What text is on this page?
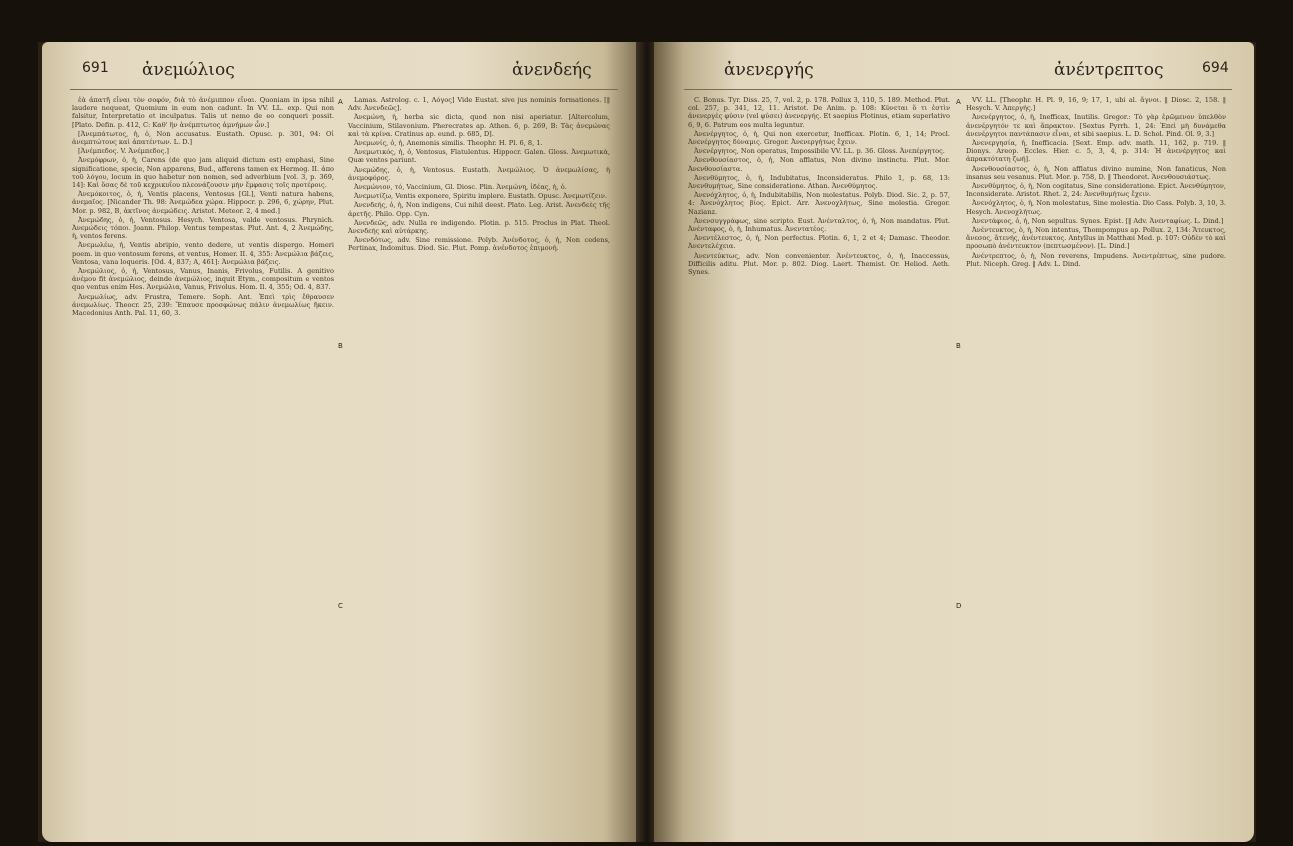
691 ἀνεμώλιος	ἀνενδεής

ἐὰ ἀπατῆ εἶναι τὸν σοφόν, διὰ τὸ ἀνέμιππον εἶναι. Quoniam in ipsa nihil laudere nequeat, Quomium in eum non cadunt. In VV. LL. exp. Qui non falsitur, Interpretatio et inculpatus. Talis ut nemo de eo conqueri possit. [Plato. Defin. p. 412, C: Καθ' ἣν ἀνέμπτωτος ἀμνήμων ὦν.]

[Ἀνεμπάτωτος, ἡ, ὁ, Non accusatus. Eustath. Opusc. p. 301, 94: Οἱ ἀνεμπτώτους καὶ ἀπατέντων. L. D.]

[Ἀνέμπεδος. V. Ἀνέμπεδος.]

Ἀνεμόφρων, ὁ, ἡ, Carens (de quo jam aliquid dictum est) emphasi, Sine significatione, specie, Non apparens, Bud., afferens tamen ex Hermog. II. ἀπο τοῦ λόγου, locum in quo habetur non nomen, sed adverbium [vol. 3, p. 369, 14]: Καὶ ὅσας δὲ τοῦ κεχρικυΐου πλεονάζουσιν μὴν ἔμφασις τοῖς προτέροις.

Ἀνεμόκοιτος, ὁ, ἡ, Ventis placens, Ventosus [Gl.], Venti natura habens, ἀνεμαῖος. [Nicander Th. 98: Ἀνεμώδεα χώρα. Hippocr. p. 296, 6, χώρην, Plut. Mor. p. 982, B, ἀκτῖνος ἀνεμώδεις. Aristot. Meteor. 2, 4 med.]

Ἀνεμώδης, ὁ, ἡ, Ventosus. Hesych. Ventosa, valde ventosus. Phrynich. Ἀνεμώδεις τόποι. Joann. Philop. Ventus tempestas. Plut. Ant. 4, 2 Ἀνεμώδης, ἡ, ventos ferens.

Ἀνεμωλέω, ἡ, Ventis abripio, vento dedere, ut ventis dispergo. Homeri poem. in quo ventosum ferens, et ventus, Homer. II. 4, 355: Ἀνεμώλια βάζεις, Ventosa, vana loqueris. [Od. 4, 837; A, 461]: Ἀνεμώλια βάζεις.

Ἀνεμώλιος, ὁ, ἡ, Ventosus, Vanus, Inanis, Frivolus, Futilis. A genitivo ἀνέμου fit ἀνεμώλιος, deinde ἀνεμώλιος, inquit Etym., compositum e ventos quo ventus enim Hes. Ἀνεμώλια, Vanus, Frivolus. Hom. Il. 4, 355; Od. 4, 837.

Ἀνεμωλίως, adv. Frustra, Temere. Soph. Ant. Ἐπεὶ τρὶς ἔθραυσεν ἀνεμωλίως. Theocr. 25, 239: Ἔπαυσε προσφώνως πάλιν ἀνεμωλίως ἥκειν. Macedonius Anth. Pal. 11, 60, 3.

A
B
C

Lamas. Astrolog. c. 1, Λόγος] Vide Eustat. sive jus nominis formationes. [‖ Adv. Ἀνενδεῶς].

Ἀνεμώνη, ἡ, herba sic dicta, quod non nisi aperiatur. [Altercolum, Vaccinium, Stilavonium. Pherecrates ap. Athen. 6, p. 269, B: Τὰς ἀνεμώνας καὶ τὰ κρίνα. Cratinus ap. eund. p. 685, D].

Ἀνεμωνίς, ὁ, ἡ, Anemonis similis. Theophr. H. Pl. 6, 8, 1.

Ἀνεμωτικός, ἡ, ὁ, Ventosus, Flatulentus. Hippocr. Galen. Gloss. Ἀνεμωτικὰ, Quæ ventos pariunt.

Ἀνεμώδης, ὁ, ἡ, Ventosus. Eustath. Ἀνεμώλιος. Ὁ ἀνεμωλίσας, ἡ ἀνεμοφόρος.

Ἀνεμώνιον, τό, Vaccinium, Gl. Diosc. Plin. Ἀνεμώνη, ἰδέας, ἡ, ὁ.

Ἀνεμωτίζω, Ventis exponere, Spiritu implere. Eustath. Opusc. Ἀνεμωτίζειν.

Ἀνενδεής, ὁ, ἡ, Non indigens, Cui nihil deest. Plato. Leg. Arist. Ἀνενδεὲς τῆς ἀρετῆς. Philo. Opp. Cyn.

Ἀνενδεῶς, adv. Nulla re indigendo. Plotin. p. 515. Proclus in Plat. Theol. Ἀνενδεής καὶ αὐτάρκης.

Ἀνενδότως, adv. Sine remissione. Polyb. Ἀνένδοτος, ὁ, ἡ, Non cedens, Pertinax, Indomitus. Diod. Sic. Plut. Pomp. ἀνένδοτος ἐπιμονή.

ἀνενεργής	ἀνέντρεπτος	694

C. Bonus. Tyr. Diss. 25, 7, vol. 2, p. 178. Pollux 3, 110, 5. 189. Method. Plut. col. 257, p. 341, 12, 11. Aristot. De Anim. p. 108: Κύνεται ὅ τι ἐστὶν ἀνενεργὲς φύσιν (vel φύσει) ἀνενεργής. Et saepius Plotinus, etiam superlativo 6, 9, 6. Patrum eos multa leguntur.

Ἀνενέργητος, ὁ, ἡ, Qui non exercetur, Inefficax. Plotin. 6, 1, 14; Procl. Ἀνενέργητος δύναμις. Gregor. Ἀνενεργήτως ἔχειν.

Ἀνενέργητος, Non operatus, Impossibile VV. LL. p. 36. Gloss. Ἀνεπέργητος.

Ἀνενθουσίαστος, ὁ, ἡ, Non afflatus, Non divino instinctu. Plut. Mor. Ἀνενθουσίαστα.

Ἀνενθύμητος, ὁ, ἡ, Indubitatus, Inconsideratus. Philo 1, p. 68, 13: Ἀνενθυμήτως, Sine consideratione. Athan. Ἀνενθύμητος.

Ἀνενόχλητος, ὁ, ἡ, Indubitabilis, Non molestatus. Polyb. Diod. Sic. 2, p. 57, 4: Ἀνενόχλητος βίος. Epict. Arr. Ἀνενοχλήτως, Sine molestia. Gregor. Nazianz.

Ἀνενσυγγράφως, sine scripto. Eust. Ἀνένταλτος, ὁ, ἡ, Non mandatus. Plut. Ἀνένταφος, ὁ, ἡ, Inhumatus. Ἀνεντατέος.

Ἀνεντέλεστος, ὁ, ἡ, Non perfectus. Plotin. 6, 1, 2 et 4; Damasc. Theodor. Ἀνεντελέχεια.

Ἀνεντεύκτως, adv. Non convenienter. Ἀνέντευκτος, ὁ, ἡ, Inaccessus, Difficilis aditu. Plut. Mor. p. 802. Diog. Laert. Themist. Or. Heliod. Aeth. Synes.

A
B
D

VV. LL. [Theophr. H. Pl. 9, 16, 9; 17, 1, ubi al. ἄγνοι. ‖ Diosc. 2, 158. ‖ Hesych. V. Ἀπεργής.]

Ἀνενέργητος, ὁ, ἡ, Inefficax, Inutilis. Gregor.: Τὸ γὰρ ἐρῶμενον ὑπελθὸν ἀνενέργητόν τε καὶ ἄπρακτον. [Sextus Pyrrh. 1, 24: Ἐπεὶ μὴ δυνάμεθα ἀνενέργητοι παντάπασιν εἶναι, et sibi saepius. L. D. Schol. Pind. Ol. 9, 3.]

Ἀνενεργησία, ἡ, Inefficacia. [Sext. Emp. adv. math. 11, 162, p. 719. ‖ Dionys. Areop. Eccles. Hier. c. 5, 3, 4, p. 314: Ἡ ἀνενέργητος καὶ ἀπρακτότατη ζωή].

Ἀνενθουσίαστος, ὁ, ἡ, Non afflatus divino numine, Non fanaticus, Non insanus seu vesanus. Plut. Mor. p. 758, D. ‖ Theodoret. Ἀνενθουσιάστως.

Ἀνενθύμητος, ὁ, ἡ, Non cogitatus, Sine consideratione. Epict. Ἀνενθύμητον, Inconsiderate. Aristot. Rhet. 2, 24: Ἀνενθυμήτως ἔχειν.

Ἀνενόχλητος, ὁ, ἡ, Non molestatus, Sine molestia. Dio Cass. Polyb. 3, 10, 3. Hesych. Ἀνενοχλήτως.

Ἀνεντάφιος, ὁ, ἡ, Non sepultus. Synes. Epist. [‖ Adv. Ἀνενταφίως. L. Dind.]

Ἀνέντευκτος, ὁ, ἡ, Non intentus, Thompompus ap. Pollux. 2, 134: Ἄτευκτος, ἄνεσος, ἄτενής, ἀνέντευκτος. Antyllus in Matthæi Med. p. 107: Οὐδὲν τὸ καὶ προσωπὸ ἀνέντευκτον (πεπτωσμένον). [L. Dind.]

Ἀνέντρεπτος, ὁ, ἡ, Non reverens, Impudens. Ἀνεντρέπτως, sine pudore. Plut. Niceph. Greg. ‖ Adv. L. Dind.
